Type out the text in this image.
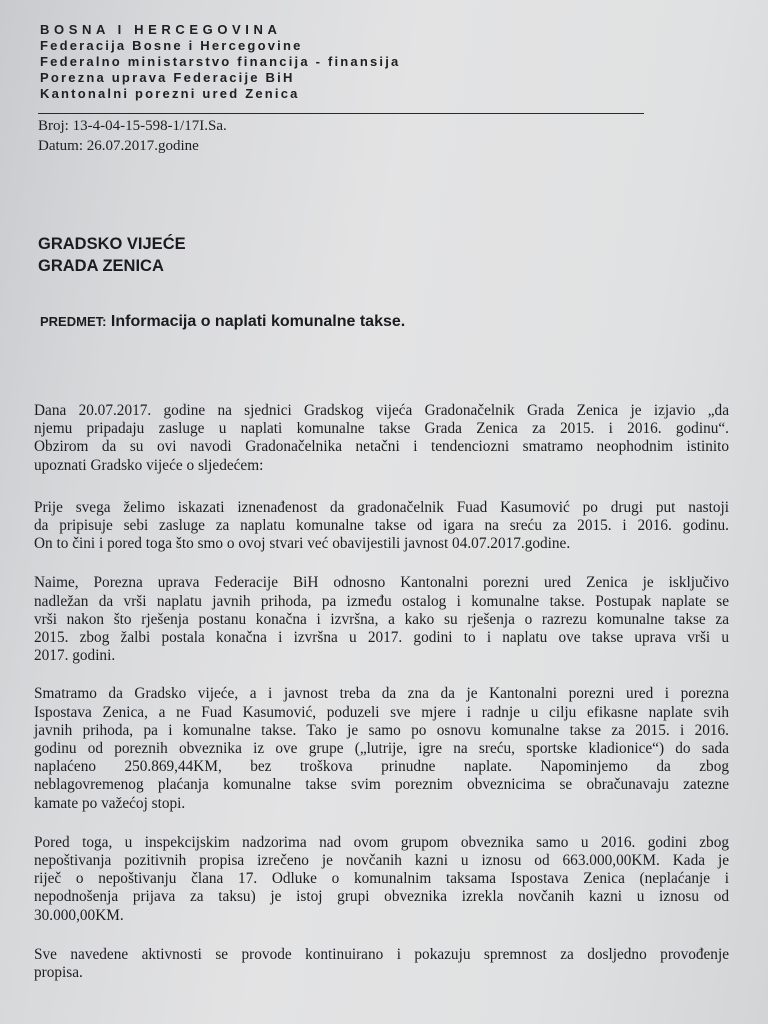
BOSNA I HERCEGOVINA
Federacija Bosne i Hercegovine
Federalno ministarstvo financija - finansija
Porezna uprava Federacije BiH
Kantonalni porezni ured Zenica
Broj: 13-4-04-15-598-1/17I.Sa.
Datum: 26.07.2017.godine
GRADSKO VIJEĆE
GRADA ZENICA
PREDMET: Informacija o naplati komunalne takse.

Dana 20.07.2017. godine na sjednici Gradskog vijeća Gradonačelnik Grada Zenica je izjavio „da
njemu pripadaju zasluge u naplati komunalne takse Grada Zenica za 2015. i 2016. godinu“.
Obzirom da su ovi navodi Gradonačelnika netačni i tendenciozni smatramo neophodnim istinito
upoznati Gradsko vijeće o sljedećem:

Prije svega želimo iskazati iznenađenost da gradonačelnik Fuad Kasumović po drugi put nastoji
da pripisuje sebi zasluge za naplatu komunalne takse od igara na sreću za 2015. i 2016. godinu.
On to čini i pored toga što smo o ovoj stvari već obavijestili javnost 04.07.2017.godine.

Naime, Porezna uprava Federacije BiH odnosno Kantonalni porezni ured Zenica je isključivo
nadležan da vrši naplatu javnih prihoda, pa između ostalog i komunalne takse. Postupak naplate se
vrši nakon što rješenja postanu konačna i izvršna, a kako su rješenja o razrezu komunalne takse za
2015. zbog žalbi postala konačna i izvršna u 2017. godini to i naplatu ove takse uprava vrši u
2017. godini.

Smatramo da Gradsko vijeće, a i javnost treba da zna da je Kantonalni porezni ured i porezna
Ispostava Zenica, a ne Fuad Kasumović, poduzeli sve mjere i radnje u cilju efikasne naplate svih
javnih prihoda, pa i komunalne takse. Tako je samo po osnovu komunalne takse za 2015. i 2016.
godinu od poreznih obveznika iz ove grupe („lutrije, igre na sreću, sportske kladionice“) do sada
naplaćeno 250.869,44KM, bez troškova prinudne naplate. Napominjemo da zbog
neblagovremenog plaćanja komunalne takse svim poreznim obveznicima se obračunavaju zatezne
kamate po važećoj stopi.

Pored toga, u inspekcijskim nadzorima nad ovom grupom obveznika samo u 2016. godini zbog
nepoštivanja pozitivnih propisa izrečeno je novčanih kazni u iznosu od 663.000,00KM. Kada je
riječ o nepoštivanju člana 17. Odluke o komunalnim taksama Ispostava Zenica (neplaćanje i
nepodnošenja prijava za taksu) je istoj grupi obveznika izrekla novčanih kazni u iznosu od
30.000,00KM.

Sve navedene aktivnosti se provode kontinuirano i pokazuju spremnost za dosljedno provođenje
propisa.
